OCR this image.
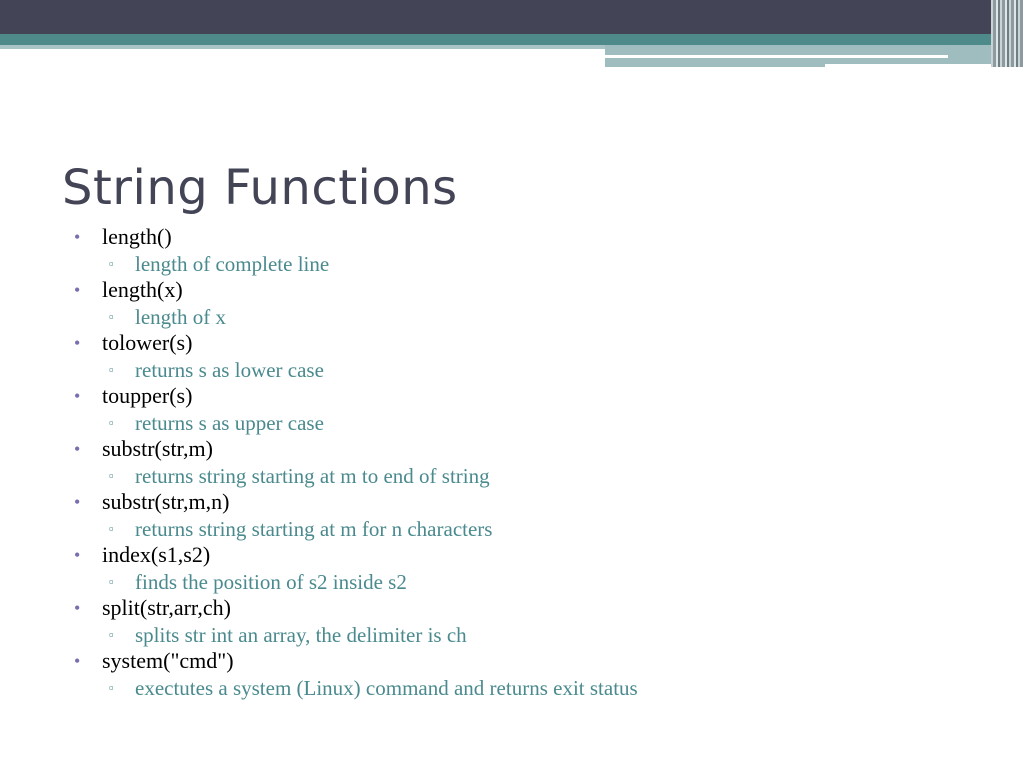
String Functions
• length()
▫ length of complete line
• length(x)
▫ length of x
• tolower(s)
▫ returns s as lower case
• toupper(s)
▫ returns s as upper case
• substr(str,m)
▫ returns string starting at m to end of string
• substr(str,m,n)
▫ returns string starting at m for n characters
• index(s1,s2)
▫ finds the position of s2 inside s2
• split(str,arr,ch)
▫ splits str int an array, the delimiter is ch
• system("cmd")
▫ exectutes a system (Linux) command and returns exit status
